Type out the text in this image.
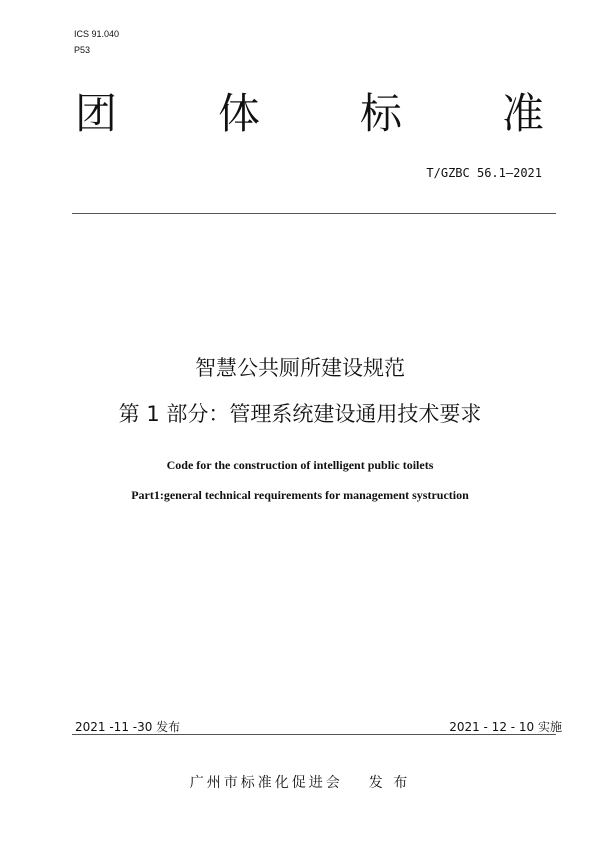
ICS 91.040
P53
团 体 标 准
T/GZBC 56.1—2021
智慧公共厕所建设规范
第 1 部分：管理系统建设通用技术要求
Code for the construction of intelligent public toilets
Part1:general technical requirements for management systruction
2021 -11 -30 发布	2021 - 12 - 10 实施
广州市标准化促进会 发 布
